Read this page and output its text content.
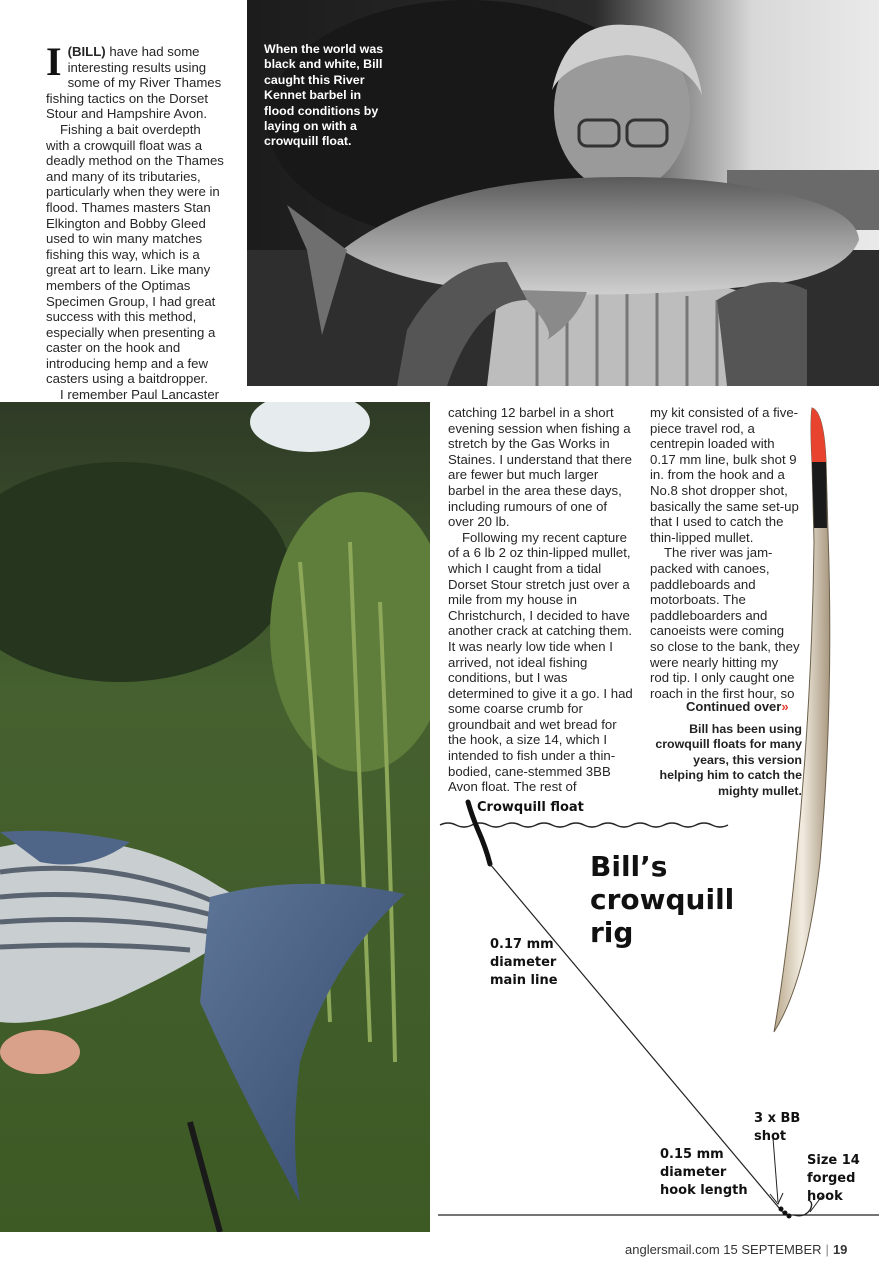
I (BILL) have had some interesting results using some of my River Thames fishing tactics on the Dorset Stour and Hampshire Avon.

Fishing a bait overdepth with a crowquill float was a deadly method on the Thames and many of its tributaries, particularly when they were in flood. Thames masters Stan Elkington and Bobby Gleed used to win many matches fishing this way, which is a great art to learn. Like many members of the Optimas Specimen Group, I had great success with this method, especially when presenting a caster on the hook and introducing hemp and a few casters using a baitdropper.

I remember Paul Lancaster

When the world was black and white, Bill caught this River Kennet barbel in flood conditions by laying on with a crowquill float.

catching 12 barbel in a short evening session when fishing a stretch by the Gas Works in Staines. I understand that there are fewer but much larger barbel in the area these days, including rumours of one of over 20 lb.

Following my recent capture of a 6 lb 2 oz thin-lipped mullet, which I caught from a tidal Dorset Stour stretch just over a mile from my house in Christchurch, I decided to have another crack at catching them. It was nearly low tide when I arrived, not ideal fishing conditions, but I was determined to give it a go. I had some coarse crumb for groundbait and wet bread for the hook, a size 14, which I intended to fish under a thin-bodied, cane-stemmed 3BB Avon float. The rest of

my kit consisted of a five-piece travel rod, a centrepin loaded with 0.17 mm line, bulk shot 9 in. from the hook and a No.8 shot dropper shot, basically the same set-up that I used to catch the thin-lipped mullet.

The river was jam-packed with canoes, paddleboards and motorboats. The paddleboarders and canoeists were coming so close to the bank, they were nearly hitting my rod tip. I only caught one roach in the first hour, so

Continued over»
Bill has been using crowquill floats for many years, this version helping him to catch the mighty mullet.
Crowquill float
Bill’s
crowquill
rig
0.17 mm
diameter
main line
3 x BB
shot
0.15 mm
diameter
hook length
Size 14
forged
hook
anglersmail.com 15 SEPTEMBER | 19
